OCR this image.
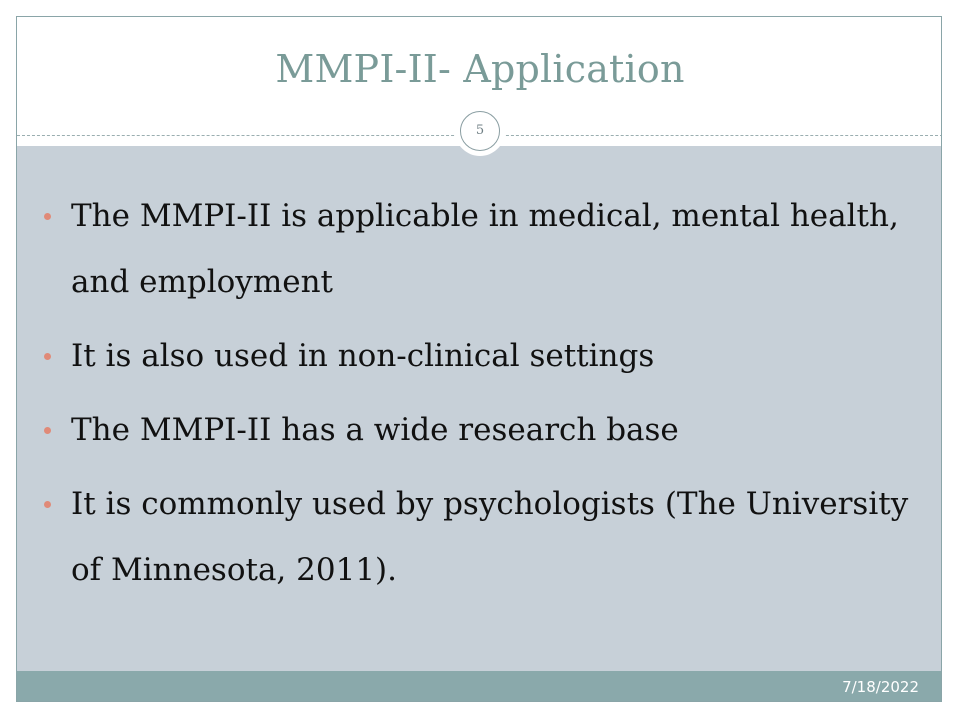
MMPI-II- Application
5
The MMPI-II is applicable in medical, mental health, and employment
It is also used in non-clinical settings
The MMPI-II has a wide research base
It is commonly used by psychologists (The University of Minnesota, 2011).
7/18/2022
